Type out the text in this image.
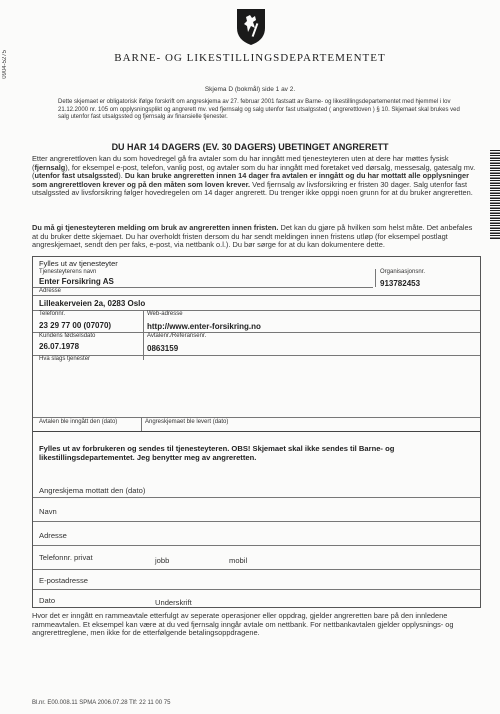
0904-5275	BARNE- OG LIKESTILLINGSDEPARTEMENTET
Skjema D (bokmål) side 1 av 2.
Dette skjemaet er obligatorisk ifølge forskrift om angreskjema av 27. februar 2001 fastsatt av Barne- og likestillingsdepartementet med hjemmel i lov 21.12.2000 nr. 105 om opplysningsplikt og angrerett mv. ved fjernsalg og salg utenfor fast utsalgssted ( angrerettloven ) § 10. Skjemaet skal brukes ved salg utenfor fast utsalgssted og fjernsalg av finansielle tjenester.
DU HAR 14 DAGERS (EV. 30 DAGERS) UBETINGET ANGRERETT
Etter angrerettloven kan du som hovedregel gå fra avtaler som du har inngått med tjenesteyteren uten at dere har møttes fysisk (fjernsalg), for eksempel e-post, telefon, vanlig post, og avtaler som du har inngått med foretaket ved dørsalg, messesalg, gatesalg mv. (utenfor fast utsalgssted). Du kan bruke angreretten innen 14 dager fra avtalen er inngått og du har mottatt alle opplysninger som angrerettloven krever og på den måten som loven krever. Ved fjernsalg av livsforsikring er fristen 30 dager. Salg utenfor fast utsalgssted av livsforsikring følger hovedregelen om 14 dager angrerett. Du trenger ikke oppgi noen grunn for at du bruker angreretten.
Du må gi tjenesteyteren melding om bruk av angreretten innen fristen. Det kan du gjøre på hvilken som helst måte. Det anbefales at du bruker dette skjemaet. Du har overholdt fristen dersom du har sendt meldingen innen fristens utløp (for eksempel postlagt angreskjemaet, sendt den per faks, e-post, via nettbank o.l.). Du bør sørge for at du kan dokumentere dette.
Fylles ut av tjenesteyter
Tjenesteyterens navn
Enter Forsikring AS
Organisasjonsnr.
913782453
Adresse
Lilleakerveien 2a, 0283 Oslo
Telefonnr.	Web-adresse
23 29 77 00 (07070)	http://www.enter-forsikring.no
Kundens fødselsdato	Avtalenr./Referansenr.
26.07.1978	0863159
Hva slags tjenester
Avtalen ble inngått den (dato)	Angreskjemaet ble levert (dato)
Fylles ut av forbrukeren og sendes til tjenesteyteren. OBS! Skjemaet skal ikke sendes til Barne- og likestillingsdepartementet. Jeg benytter meg av angreretten.
Angreskjema mottatt den (dato)
Navn
Adresse
Telefonnr. privat	jobb	mobil
E-postadresse
Dato	Underskrift
Hvor det er inngått en rammeavtale etterfulgt av seperate operasjoner eller oppdrag, gjelder angreretten bare på den innledene rammeavtalen. Et eksempel kan være at du ved fjernsalg inngår avtale om nettbank. For nettbankavtalen gjelder opplysnings- og angrerettreglene, men ikke for de etterfølgende betalingsoppdragene.
Bl.nr. E00.008.11 SPMA 2006.07.28 Tlf: 22 11 00 75
